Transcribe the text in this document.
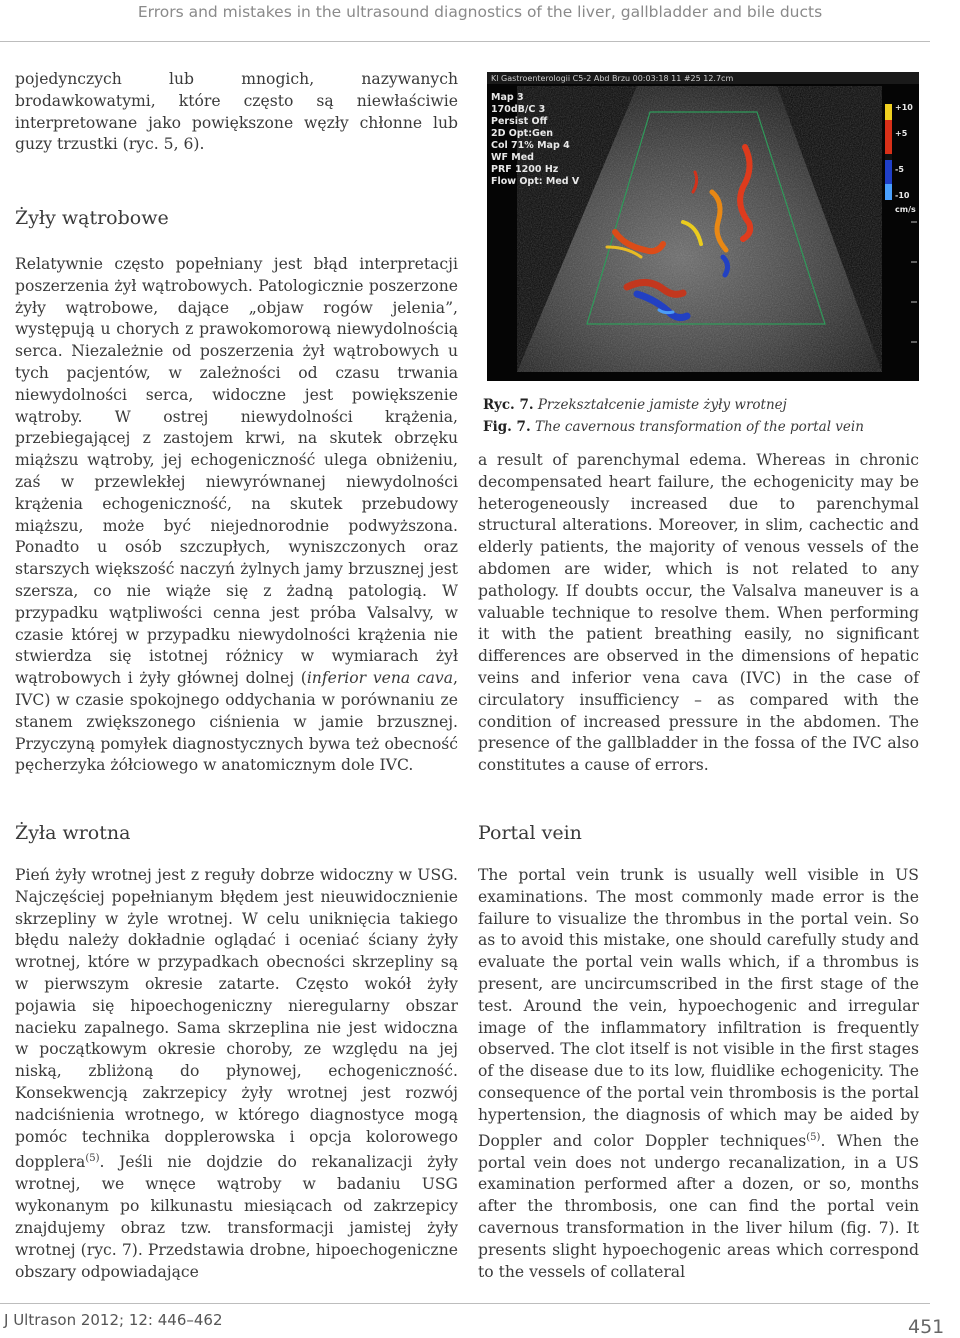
Errors and mistakes in the ultrasound diagnostics of the liver, gallbladder and bile ducts

pojedynczych lub mnogich, nazywanych brodawkowatymi, które często są niewłaściwie interpretowane jako powiększone węzły chłonne lub guzy trzustki (ryc. 5, 6).

Żyły wątrobowe

Relatywnie często popełniany jest błąd interpretacji poszerzenia żył wątrobowych. Patologicznie poszerzone żyły wątrobowe, dające „objaw rogów jelenia”, występują u chorych z prawokomorową niewydolnością serca. Niezależnie od poszerzenia żył wątrobowych u tych pacjentów, w zależności od czasu trwania niewydolności serca, widoczne jest powiększenie wątroby. W ostrej niewydolności krążenia, przebiegającej z zastojem krwi, na skutek obrzęku miąższu wątroby, jej echogeniczność ulega obniżeniu, zaś w przewlekłej niewyrównanej niewydolności krążenia echogeniczność, na skutek przebudowy miąższu, może być niejednorodnie podwyższona. Ponadto u osób szczupłych, wyniszczonych oraz starszych większość naczyń żylnych jamy brzusznej jest szersza, co nie wiąże się z żadną patologią. W przypadku wątpliwości cenna jest próba Valsalvy, w czasie której w przypadku niewydolności krążenia nie stwierdza się istotnej różnicy w wymiarach żył wątrobowych i żyły głównej dolnej (inferior vena cava, IVC) w czasie spokojnego oddychania w porównaniu ze stanem zwiększonego ciśnienia w jamie brzusznej. Przyczyną pomyłek diagnostycznych bywa też obecność pęcherzyka żółciowego w anatomicznym dole IVC.

Żyła wrotna

Pień żyły wrotnej jest z reguły dobrze widoczny w USG. Najczęściej popełnianym błędem jest nieuwidocznienie skrzepliny w żyle wrotnej. W celu uniknięcia takiego błędu należy dokładnie oglądać i oceniać ściany żyły wrotnej, które w przypadkach obecności skrzepliny są w pierwszym okresie zatarte. Często wokół żyły pojawia się hipoechogeniczny nieregularny obszar nacieku zapalnego. Sama skrzeplina nie jest widoczna w początkowym okresie choroby, ze względu na jej niską, zbliżoną do płynowej, echogeniczność. Konsekwencją zakrzepicy żyły wrotnej jest rozwój nadciśnienia wrotnego, w którego diagnostyce mogą pomóc technika dopplerowska i opcja kolorowego dopplera$^{(5)}$. Jeśli nie dojdzie do rekanalizacji żyły wrotnej, we wnęce wątroby w badaniu USG wykonanym po kilkunastu miesiącach od zakrzepicy znajdujemy obraz tzw. transformacji jamistej żyły wrotnej (ryc. 7). Przedstawia drobne, hipoechogeniczne obszary odpowiadające

Kl Gastroenterologii C5-2 Abd Brzu 00:03:18 11 #25 12.7cm
Map 3
170dB/C 3
Persist Off
2D Opt:Gen
Col 71% Map 4
WF Med
PRF 1200 Hz
Flow Opt: Med V
+10
+5
-5
-10
cm/s
Ryc. 7. Przekształcenie jamiste żyły wrotnej
Fig. 7. The cavernous transformation of the portal vein

a result of parenchymal edema. Whereas in chronic decompensated heart failure, the echogenicity may be heterogeneously increased due to parenchymal structural alterations. Moreover, in slim, cachectic and elderly patients, the majority of venous vessels of the abdomen are wider, which is not related to any pathology. If doubts occur, the Valsalva maneuver is a valuable technique to resolve them. When performing it with the patient breathing easily, no significant differences are observed in the dimensions of hepatic veins and inferior vena cava (IVC) in the case of circulatory insufficiency – as compared with the condition of increased pressure in the abdomen. The presence of the gallbladder in the fossa of the IVC also constitutes a cause of errors.

Portal vein

The portal vein trunk is usually well visible in US examinations. The most commonly made error is the failure to visualize the thrombus in the portal vein. So as to avoid this mistake, one should carefully study and evaluate the portal vein walls which, if a thrombus is present, are uncircumscribed in the first stage of the test. Around the vein, hypoechogenic and irregular image of the inflammatory infiltration is frequently observed. The clot itself is not visible in the first stages of the disease due to its low, fluidlike echogenicity. The consequence of the portal vein thrombosis is the portal hypertension, the diagnosis of which may be aided by Doppler and color Doppler techniques$^{(5)}$. When the portal vein does not undergo recanalization, in a US examination performed after a dozen, or so, months after the thrombosis, one can find the portal vein cavernous transformation in the liver hilum (fig. 7). It presents slight hypoechogenic areas which correspond to the vessels of collateral

J Ultrason 2012; 12: 446–462	451
